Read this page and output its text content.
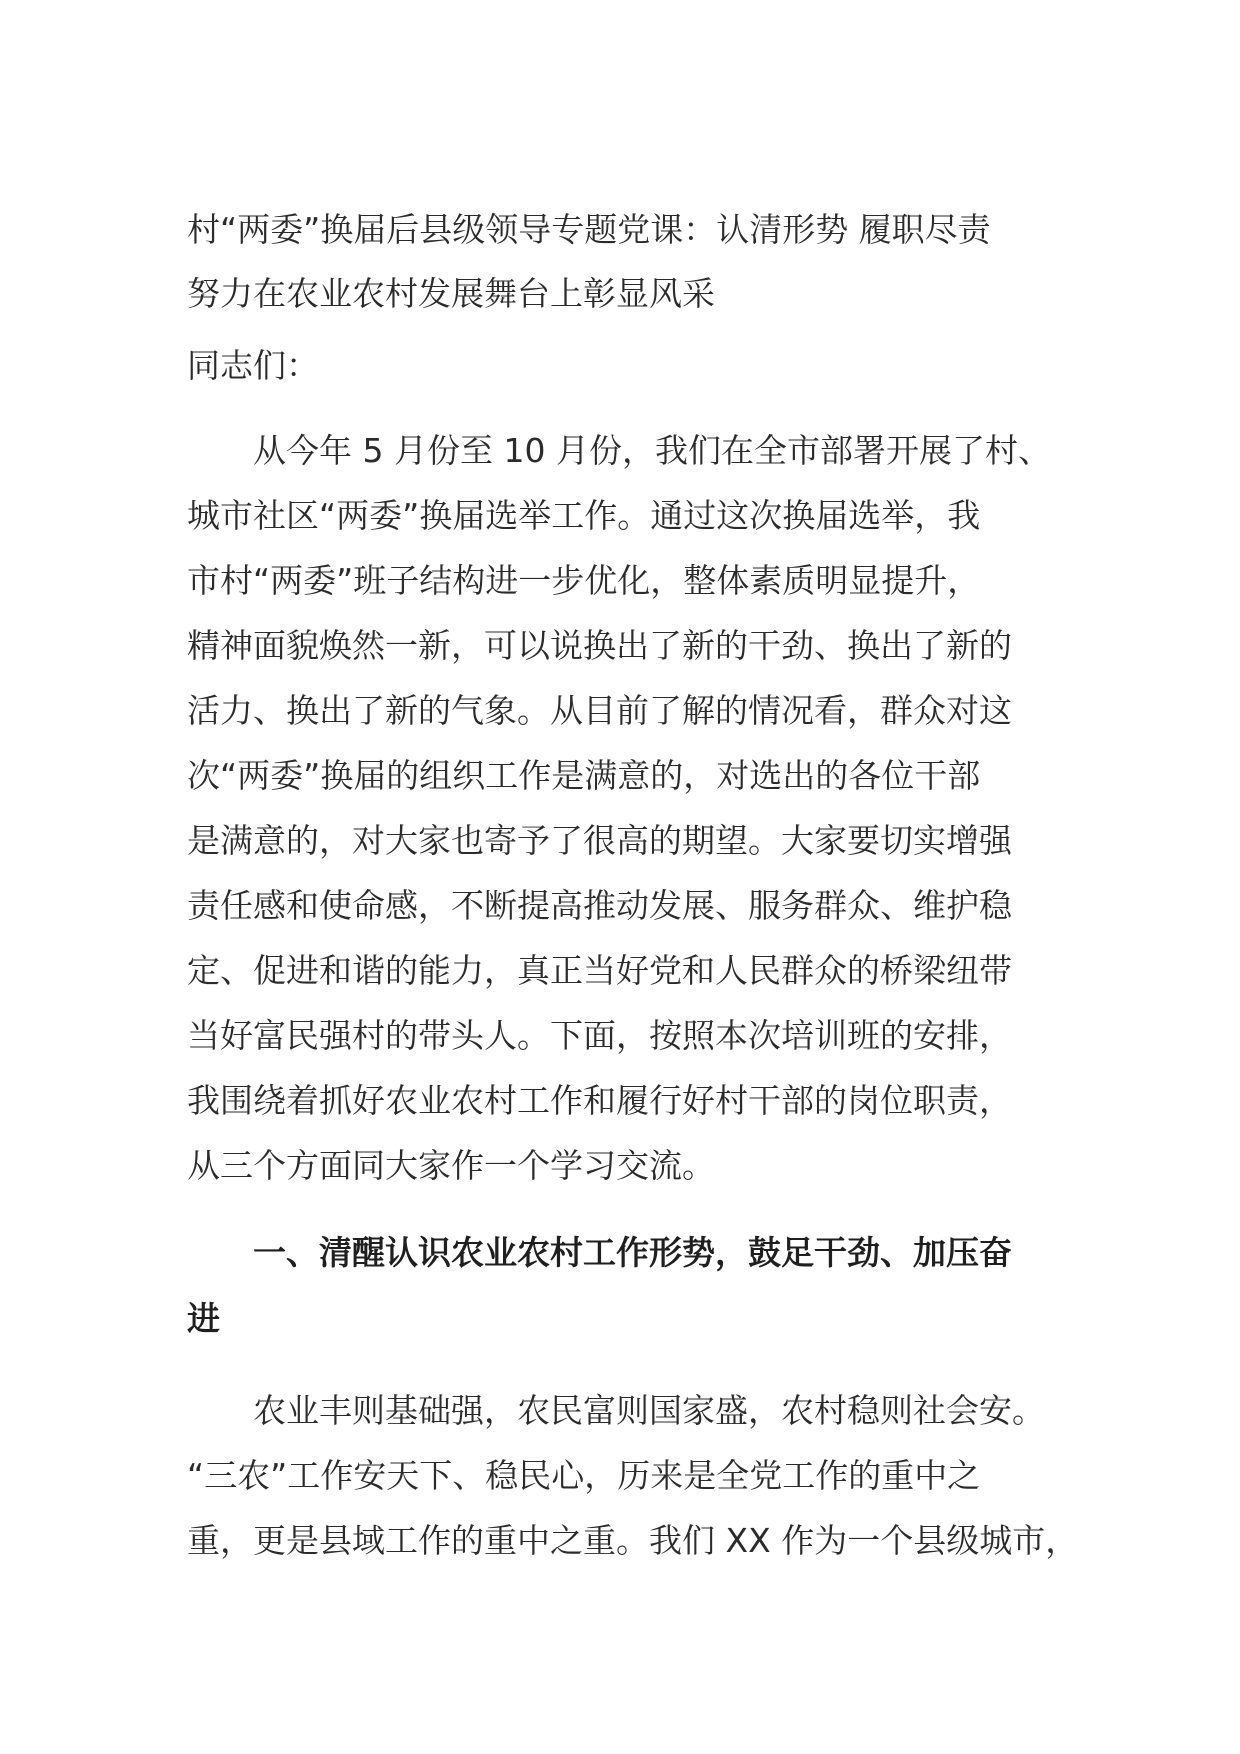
村“两委”换届后县级领导专题党课：认清形势 履职尽责
努力在农业农村发展舞台上彰显风采

同志们：

从今年 5 月份至 10 月份，我们在全市部署开展了村、
城市社区“两委”换届选举工作。通过这次换届选举，我
市村“两委”班子结构进一步优化，整体素质明显提升，
精神面貌焕然一新，可以说换出了新的干劲、换出了新的
活力、换出了新的气象。从目前了解的情况看，群众对这
次“两委”换届的组织工作是满意的，对选出的各位干部
是满意的，对大家也寄予了很高的期望。大家要切实增强
责任感和使命感，不断提高推动发展、服务群众、维护稳
定、促进和谐的能力，真正当好党和人民群众的桥梁纽带
当好富民强村的带头人。下面，按照本次培训班的安排，
我围绕着抓好农业农村工作和履行好村干部的岗位职责，
从三个方面同大家作一个学习交流。

一、清醒认识农业农村工作形势，鼓足干劲、加压奋
进

农业丰则基础强，农民富则国家盛，农村稳则社会安。
“三农”工作安天下、稳民心，历来是全党工作的重中之
重，更是县域工作的重中之重。我们 XX 作为一个县级城市，
